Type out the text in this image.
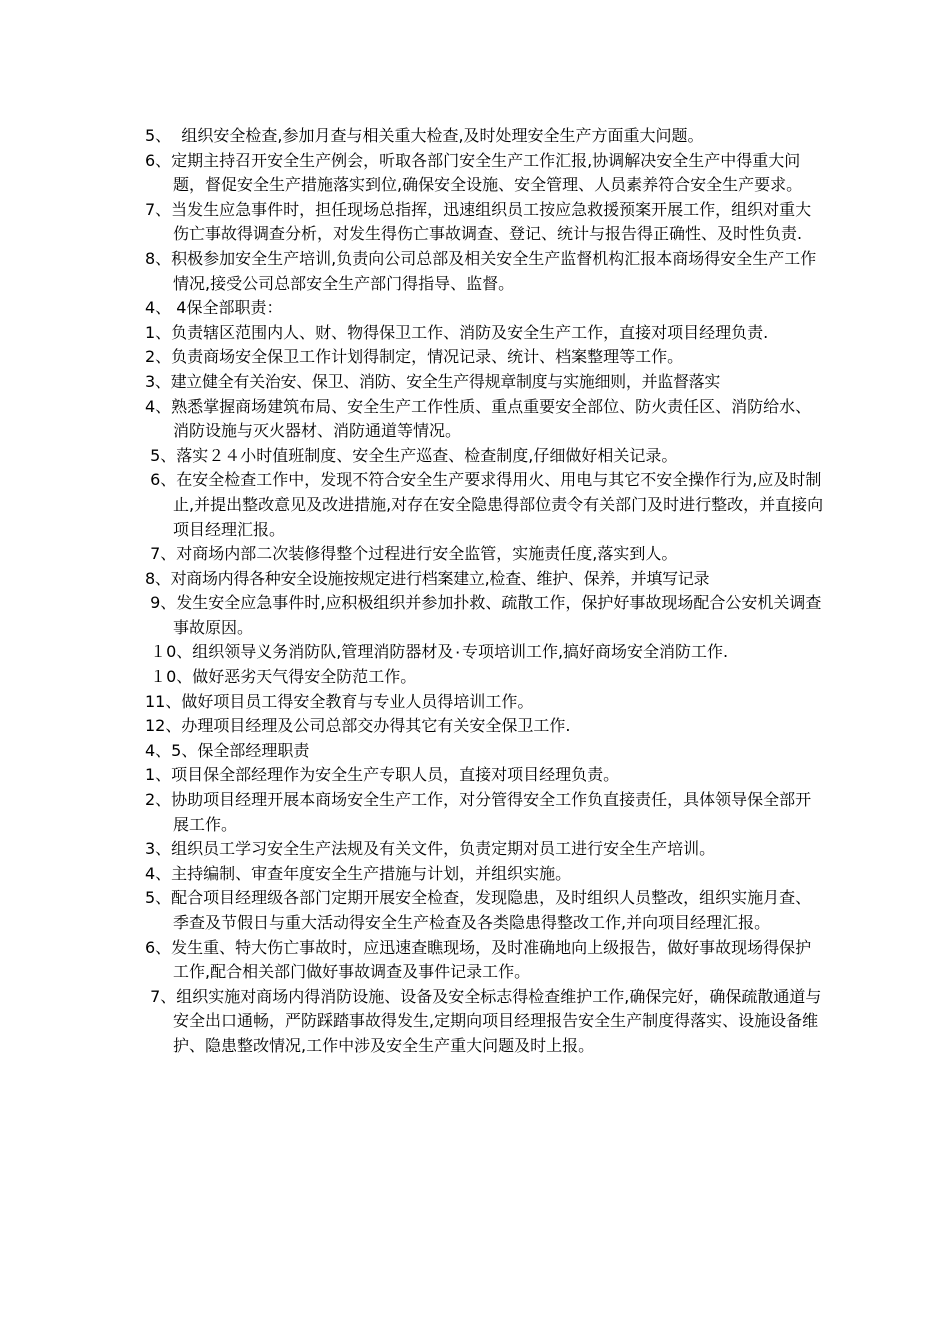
5、  组织安全检查,参加月查与相关重大检查,及时处理安全生产方面重大问题。
6、定期主持召开安全生产例会，听取各部门安全生产工作汇报,协调解决安全生产中得重大问题，督促安全生产措施落实到位,确保安全设施、安全管理、人员素养符合安全生产要求。
7、当发生应急事件时，担任现场总指挥，迅速组织员工按应急救援预案开展工作，组织对重大伤亡事故得调查分析，对发生得伤亡事故调查、登记、统计与报告得正确性、及时性负责.
8、积极参加安全生产培训,负责向公司总部及相关安全生产监督机构汇报本商场得安全生产工作情况,接受公司总部安全生产部门得指导、监督。
4、 4保全部职责：
1、负责辖区范围内人、财、物得保卫工作、消防及安全生产工作，直接对项目经理负责.
2、负责商场安全保卫工作计划得制定，情况记录、统计、档案整理等工作。
3、建立健全有关治安、保卫、消防、安全生产得规章制度与实施细则，并监督落实
4、熟悉掌握商场建筑布局、安全生产工作性质、重点重要安全部位、防火责任区、消防给水、消防设施与灭火器材、消防通道等情况。
5、落实２４小时值班制度、安全生产巡查、检查制度,仔细做好相关记录。
6、在安全检查工作中，发现不符合安全生产要求得用火、用电与其它不安全操作行为,应及时制止,并提出整改意见及改进措施,对存在安全隐患得部位责令有关部门及时进行整改，并直接向项目经理汇报。
7、对商场内部二次装修得整个过程进行安全监管，实施责任度,落实到人。
8、对商场内得各种安全设施按规定进行档案建立,检查、维护、保养，并填写记录
9、发生安全应急事件时,应积极组织并参加扑救、疏散工作，保护好事故现场配合公安机关调查事故原因。
１0、组织领导义务消防队,管理消防器材及٠专项培训工作,搞好商场安全消防工作.
１0、做好恶劣天气得安全防范工作。
11、做好项目员工得安全教育与专业人员得培训工作。
12、办理项目经理及公司总部交办得其它有关安全保卫工作.
4、5、保全部经理职责
1、项目保全部经理作为安全生产专职人员，直接对项目经理负责。
2、协助项目经理开展本商场安全生产工作，对分管得安全工作负直接责任，具体领导保全部开展工作。
3、组织员工学习安全生产法规及有关文件，负责定期对员工进行安全生产培训。
4、主持编制、审查年度安全生产措施与计划，并组织实施。
5、配合项目经理级各部门定期开展安全检查，发现隐患，及时组织人员整改，组织实施月查、季查及节假日与重大活动得安全生产检查及各类隐患得整改工作,并向项目经理汇报。
6、发生重、特大伤亡事故时，应迅速查瞧现场，及时准确地向上级报告，做好事故现场得保护工作,配合相关部门做好事故调查及事件记录工作。
7、组织实施对商场内得消防设施、设备及安全标志得检查维护工作,确保完好，确保疏散通道与安全出口通畅，严防踩踏事故得发生,定期向项目经理报告安全生产制度得落实、设施设备维护、隐患整改情况,工作中涉及安全生产重大问题及时上报。
